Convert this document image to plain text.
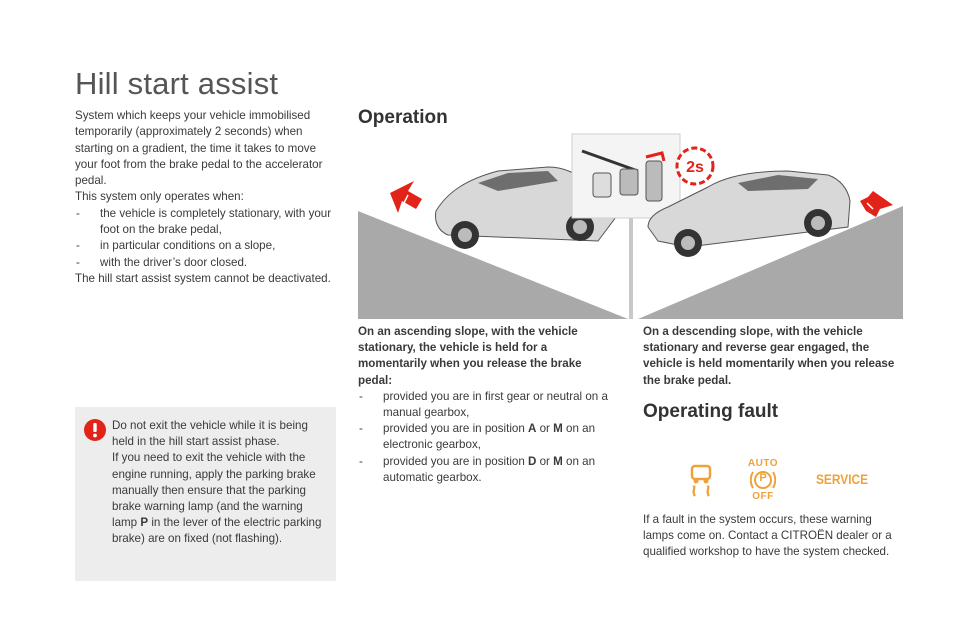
Hill start assist

System which keeps your vehicle immobilised temporarily (approximately 2 seconds) when starting on a gradient, the time it takes to move your foot from the brake pedal to the accelerator pedal.

This system only operates when:

-	the vehicle is completely stationary, with your foot on the brake pedal,
-	in particular conditions on a slope,
-	with the driver’s door closed.

The hill start assist system cannot be deactivated.

Do not exit the vehicle while it is being held in the hill start assist phase.
If you need to exit the vehicle with the engine running, apply the parking brake manually then ensure that the parking brake warning lamp (and the warning lamp P in the lever of the electric parking brake) are on fixed (not flashing).
Operation
2s
On an ascending slope, with the vehicle stationary, the vehicle is held for a momentarily when you release the brake pedal:
-	provided you are in first gear or neutral on a manual gearbox,
-	provided you are in position A or M on an electronic gearbox,
-	provided you are in position D or M on an automatic gearbox.
On a descending slope, with the vehicle stationary and reverse gear engaged, the vehicle is held momentarily when you release the brake pedal.
Operating fault
AUTO
P
OFF
SERVICE
If a fault in the system occurs, these warning lamps come on. Contact a CITROËN dealer or a qualified workshop to have the system checked.
